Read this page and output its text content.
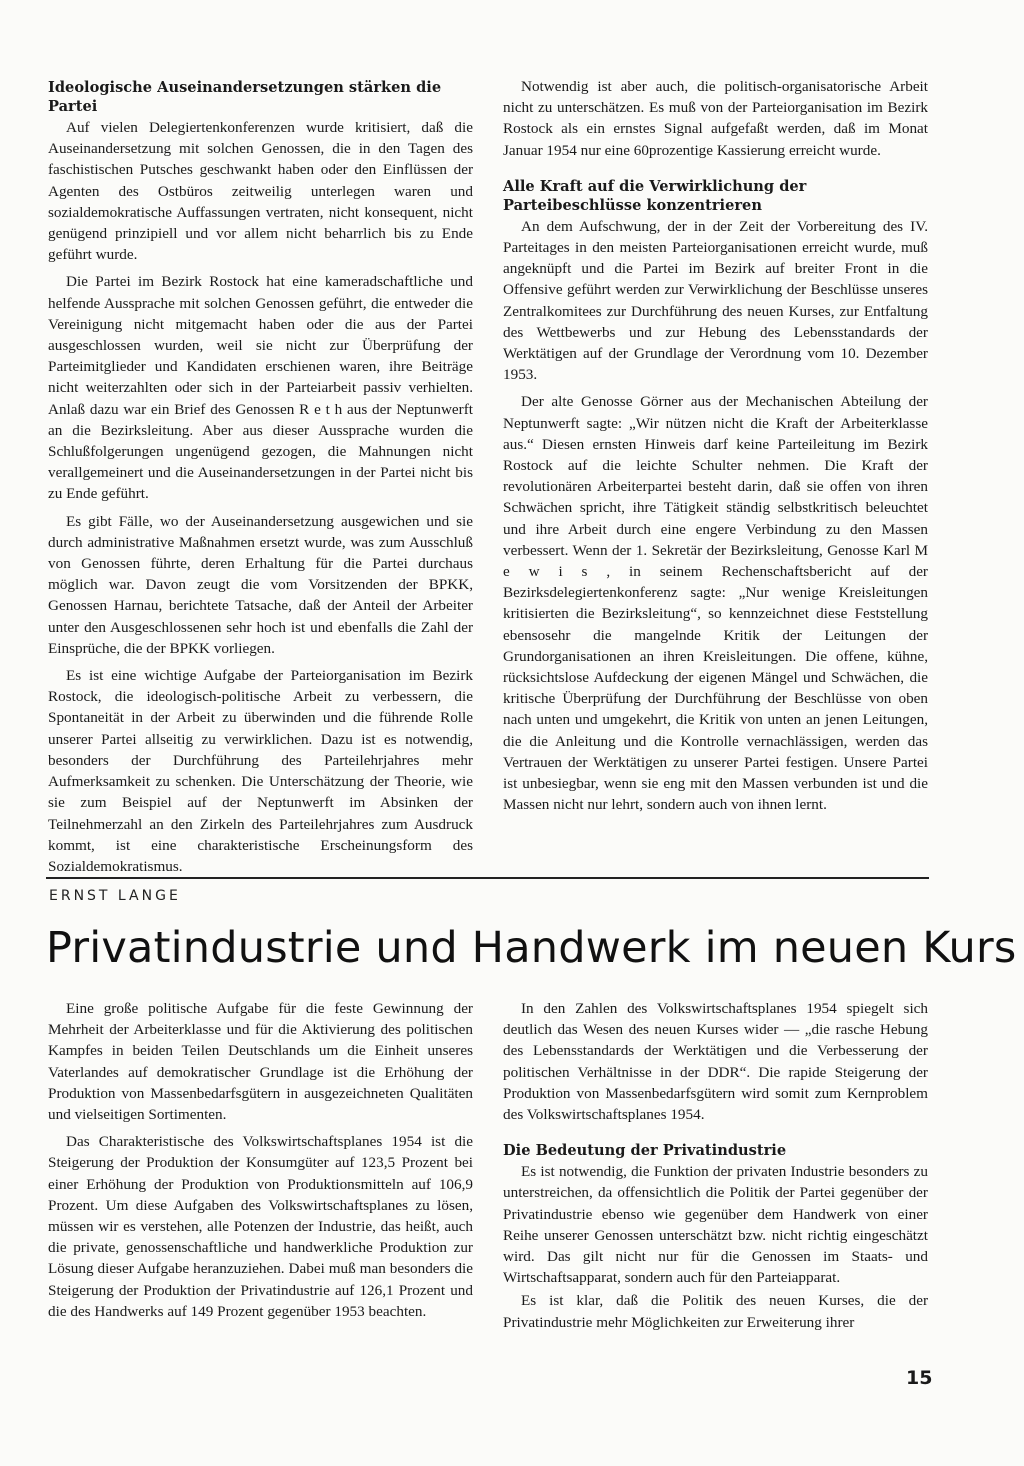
Ideologische Auseinandersetzungen stärken die Partei

Auf vielen Delegiertenkonferenzen wurde kritisiert, daß die Auseinandersetzung mit solchen Genossen, die in den Tagen des faschistischen Putsches geschwankt haben oder den Einflüssen der Agenten des Ostbüros zeitweilig unterlegen waren und sozialdemokratische Auffassungen vertraten, nicht konsequent, nicht genügend prinzipiell und vor allem nicht beharrlich bis zu Ende geführt wurde.

Die Partei im Bezirk Rostock hat eine kameradschaftliche und helfende Aussprache mit solchen Genossen geführt, die entweder die Vereinigung nicht mitgemacht haben oder die aus der Partei ausgeschlossen wurden, weil sie nicht zur Überprüfung der Parteimitglieder und Kandidaten erschienen waren, ihre Beiträge nicht weiterzahlten oder sich in der Parteiarbeit passiv verhielten. Anlaß dazu war ein Brief des Genossen R e t h aus der Neptunwerft an die Bezirksleitung. Aber aus dieser Aussprache wurden die Schlußfolgerungen ungenügend gezogen, die Mahnungen nicht verallgemeinert und die Auseinandersetzungen in der Partei nicht bis zu Ende geführt.

Es gibt Fälle, wo der Auseinandersetzung ausgewichen und sie durch administrative Maßnahmen ersetzt wurde, was zum Ausschluß von Genossen führte, deren Erhaltung für die Partei durchaus möglich war. Davon zeugt die vom Vorsitzenden der BPKK, Genossen Harnau, berichtete Tatsache, daß der Anteil der Arbeiter unter den Ausgeschlossenen sehr hoch ist und ebenfalls die Zahl der Einsprüche, die der BPKK vorliegen.

Es ist eine wichtige Aufgabe der Parteiorganisation im Bezirk Rostock, die ideologisch-politische Arbeit zu verbessern, die Spontaneität in der Arbeit zu überwinden und die führende Rolle unserer Partei allseitig zu verwirklichen. Dazu ist es notwendig, besonders der Durchführung des Parteilehrjahres mehr Aufmerksamkeit zu schenken. Die Unterschätzung der Theorie, wie sie zum Beispiel auf der Neptunwerft im Absinken der Teilnehmerzahl an den Zirkeln des Parteilehrjahres zum Ausdruck kommt, ist eine charakteristische Erscheinungsform des Sozialdemokratismus.

Notwendig ist aber auch, die politisch-organisatorische Arbeit nicht zu unterschätzen. Es muß von der Parteiorganisation im Bezirk Rostock als ein ernstes Signal aufgefaßt werden, daß im Monat Januar 1954 nur eine 60prozentige Kassierung erreicht wurde.

Alle Kraft auf die Verwirklichung der Parteibeschlüsse konzentrieren

An dem Aufschwung, der in der Zeit der Vorbereitung des IV. Parteitages in den meisten Parteiorganisationen erreicht wurde, muß angeknüpft und die Partei im Bezirk auf breiter Front in die Offensive geführt werden zur Verwirklichung der Beschlüsse unseres Zentralkomitees zur Durchführung des neuen Kurses, zur Entfaltung des Wettbewerbs und zur Hebung des Lebensstandards der Werktätigen auf der Grundlage der Verordnung vom 10. Dezember 1953.

Der alte Genosse Görner aus der Mechanischen Abteilung der Neptunwerft sagte: „Wir nützen nicht die Kraft der Arbeiterklasse aus.“ Diesen ernsten Hinweis darf keine Parteileitung im Bezirk Rostock auf die leichte Schulter nehmen. Die Kraft der revolutionären Arbeiterpartei besteht darin, daß sie offen von ihren Schwächen spricht, ihre Tätigkeit ständig selbstkritisch beleuchtet und ihre Arbeit durch eine engere Verbindung zu den Massen verbessert. Wenn der 1. Sekretär der Bezirksleitung, Genosse Karl M e w i s , in seinem Rechenschaftsbericht auf der Bezirksdelegiertenkonferenz sagte: „Nur wenige Kreisleitungen kritisierten die Bezirksleitung“, so kennzeichnet diese Feststellung ebensosehr die mangelnde Kritik der Leitungen der Grundorganisationen an ihren Kreisleitungen. Die offene, kühne, rücksichtslose Aufdeckung der eigenen Mängel und Schwächen, die kritische Überprüfung der Durchführung der Beschlüsse von oben nach unten und umgekehrt, die Kritik von unten an jenen Leitungen, die die Anleitung und die Kontrolle vernachlässigen, werden das Vertrauen der Werktätigen zu unserer Partei festigen. Unsere Partei ist unbesiegbar, wenn sie eng mit den Massen verbunden ist und die Massen nicht nur lehrt, sondern auch von ihnen lernt.

ERNST LANGE
Privatindustrie und Handwerk im neuen Kurs

Eine große politische Aufgabe für die feste Gewinnung der Mehrheit der Arbeiterklasse und für die Aktivierung des politischen Kampfes in beiden Teilen Deutschlands um die Einheit unseres Vaterlandes auf demokratischer Grundlage ist die Erhöhung der Produktion von Massenbedarfsgütern in ausgezeichneten Qualitäten und vielseitigen Sortimenten.

Das Charakteristische des Volkswirtschaftsplanes 1954 ist die Steigerung der Produktion der Konsumgüter auf 123,5 Prozent bei einer Erhöhung der Produktion von Produktionsmitteln auf 106,9 Prozent. Um diese Aufgaben des Volkswirtschaftsplanes zu lösen, müssen wir es verstehen, alle Potenzen der Industrie, das heißt, auch die private, genossenschaftliche und handwerkliche Produktion zur Lösung dieser Aufgabe heranzuziehen. Dabei muß man besonders die Steigerung der Produktion der Privatindustrie auf 126,1 Prozent und die des Handwerks auf 149 Prozent gegenüber 1953 beachten.

In den Zahlen des Volkswirtschaftsplanes 1954 spiegelt sich deutlich das Wesen des neuen Kurses wider — „die rasche Hebung des Lebensstandards der Werktätigen und die Verbesserung der politischen Verhältnisse in der DDR“. Die rapide Steigerung der Produktion von Massenbedarfsgütern wird somit zum Kernproblem des Volkswirtschaftsplanes 1954.

Die Bedeutung der Privatindustrie

Es ist notwendig, die Funktion der privaten Industrie besonders zu unterstreichen, da offensichtlich die Politik der Partei gegenüber der Privatindustrie ebenso wie gegenüber dem Handwerk von einer Reihe unserer Genossen unterschätzt bzw. nicht richtig eingeschätzt wird. Das gilt nicht nur für die Genossen im Staats- und Wirtschaftsapparat, sondern auch für den Parteiapparat.

Es ist klar, daß die Politik des neuen Kurses, die der Privatindustrie mehr Möglichkeiten zur Erweiterung ihrer

15
